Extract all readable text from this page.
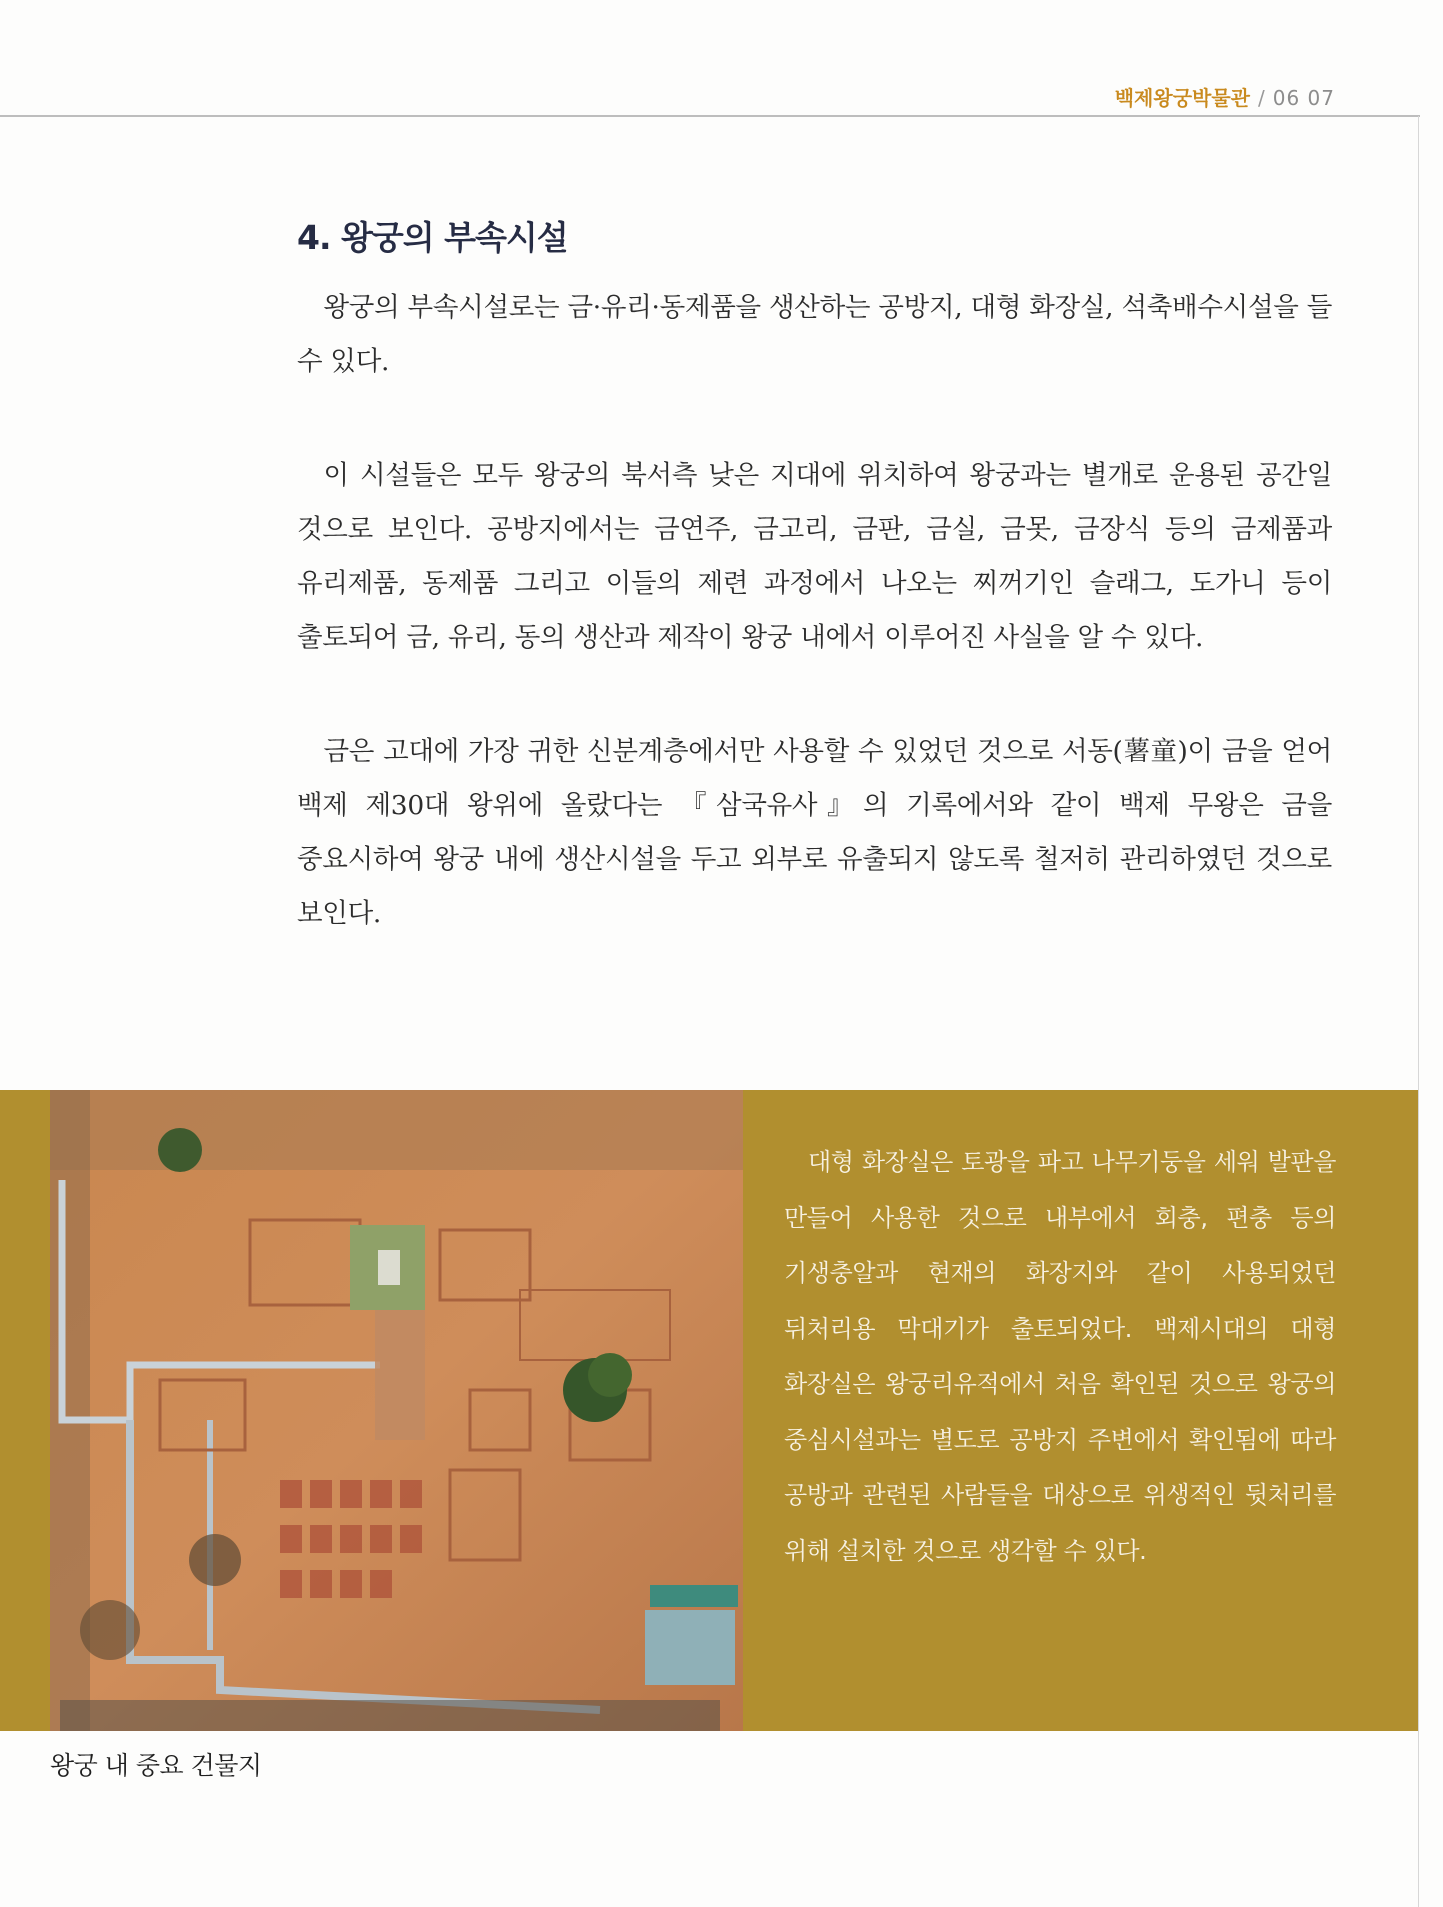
백제왕궁박물관 / 06 07
4. 왕궁의 부속시설

왕궁의 부속시설로는 금·유리·동제품을 생산하는 공방지, 대형 화장실, 석축배수시설을 들 수 있다.

이 시설들은 모두 왕궁의 북서측 낮은 지대에 위치하여 왕궁과는 별개로 운용된 공간일 것으로 보인다. 공방지에서는 금연주, 금고리, 금판, 금실, 금못, 금장식 등의 금제품과 유리제품, 동제품 그리고 이들의 제련 과정에서 나오는 찌꺼기인 슬래그, 도가니 등이 출토되어 금, 유리, 동의 생산과 제작이 왕궁 내에서 이루어진 사실을 알 수 있다.

금은 고대에 가장 귀한 신분계층에서만 사용할 수 있었던 것으로 서동(薯童)이 금을 얻어 백제 제30대 왕위에 올랐다는 『삼국유사』의 기록에서와 같이 백제 무왕은 금을 중요시하여 왕궁 내에 생산시설을 두고 외부로 유출되지 않도록 철저히 관리하였던 것으로 보인다.

대형 화장실은 토광을 파고 나무기둥을 세워 발판을 만들어 사용한 것으로 내부에서 회충, 편충 등의 기생충알과 현재의 화장지와 같이 사용되었던 뒤처리용 막대기가 출토되었다. 백제시대의 대형 화장실은 왕궁리유적에서 처음 확인된 것으로 왕궁의 중심시설과는 별도로 공방지 주변에서 확인됨에 따라 공방과 관련된 사람들을 대상으로 위생적인 뒷처리를 위해 설치한 것으로 생각할 수 있다.
왕궁 내 중요 건물지
